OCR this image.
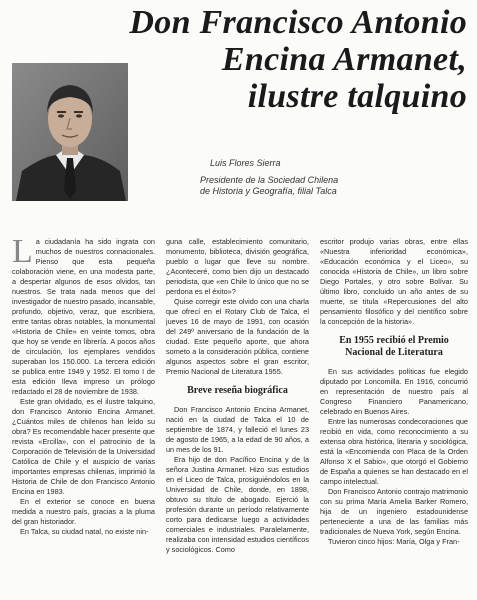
Don Francisco Antonio
Encina Armanet,
ilustre talquino
Luis Flores Sierra
Presidente de la Sociedad Chilena
de Historia y Geografía, filial Talca

La ciudadanía ha sido ingrata con muchos de nuestros connacionales. Pienso que esta pequeña colaboración viene, en una modesta parte, a despertar algunos de esos olvidos, tan nuestros. Se trata nada menos que del investigador de nuestro pasado, incansable, profundo, objetivo, veraz, que escribiera, entre tantas obras notables, la monumental «Historia de Chile» en veinte tomos, obra que hoy se vende en librería. A pocos años de circulación, los ejemplares vendidos superaban los 150.000. La tercera edición se publica entre 1949 y 1952. El tomo I de esta edición lleva impreso un prólogo redactado el 28 de noviembre de 1938.

Este gran olvidado, es el ilustre talquino, don Francisco Antonio Encina Armanet. ¿Cuántos miles de chilenos han leído su obra? Es recomendable hacer presente que revista «Ercilla», con el patrocinio de la Corporación de Televisión de la Universidad Católica de Chile y el auspicio de varias importantes empresas chilenas, imprimió la Historia de Chile de don Francisco Antonio Encina en 1983.

En el exterior se conoce en buena medida a nuestro país, gracias a la pluma del gran historiador.

En Talca, su ciudad natal, no existe nin-

guna calle, establecimiento comunitario, monumento, biblioteca, división geográfica, pueblo o lugar que lleve su nombre. ¿Aconteceré, como bien dijo un destacado periodista, que «en Chile lo único que no se perdona es el éxito»?

Quise corregir este olvido con una charla que ofrecí en el Rotary Club de Talca, el jueves 16 de mayo de 1991, con ocasión del 249º aniversario de la fundación de la ciudad. Este pequeño aporte, que ahora someto a la consideración pública, contiene algunos aspectos sobre el gran escritor, Premio Nacional de Literatura 1955.

Breve reseña biográfica

Don Francisco Antonio Encina Armanet, nació en la ciudad de Talca el 10 de septiembre de 1874, y falleció el lunes 23 de agosto de 1965, a la edad de 90 años, a un mes de los 91.

Era hijo de don Pacífico Encina y de la señora Justina Armanet. Hizo sus estudios en el Liceo de Talca, prosiguiéndolos en la Universidad de Chile, donde, en 1898, obtuvo su título de abogado. Ejerció la profesión durante un período relativamente corto para dedicarse luego a actividades comerciales e industriales. Paralelamente, realizaba con intensidad estudios científicos y sociológicos. Como

escritor produjo varias obras, entre ellas «Nuestra inferioridad económica», «Educación económica y el Liceo», su conocida «Historia de Chile», un libro sobre Diego Portales, y otro sobre Bolívar. Su último libro, concluido un año antes de su muerte, se titula «Repercusiones del alto pensamiento filosófico y del científico sobre la concepción de la historia».

En 1955 recibió el Premio Nacional de Literatura

En sus actividades políticas fue elegido diputado por Loncomilla. En 1916, concurrió en representación de nuestro país al Congreso Financiero Panamericano, celebrado en Buenos Aires.

Entre las numerosas condecoraciones que recibió en vida, como reconocimiento a su extensa obra histórica, literaria y sociológica, está la «Encomienda con Placa de la Orden Alfonso X el Sabio», que otorgó el Gobierno de España a quienes se han destacado en el campo intelectual.

Don Francisco Antonio contrajo matrimonio con su prima María Amelia Barker Romero, hija de un ingeniero estadounidense perteneciente a una de las familias más tradicionales de Nueva York, según Encina.

Tuvieron cinco hijos: María, Olga y Fran-
